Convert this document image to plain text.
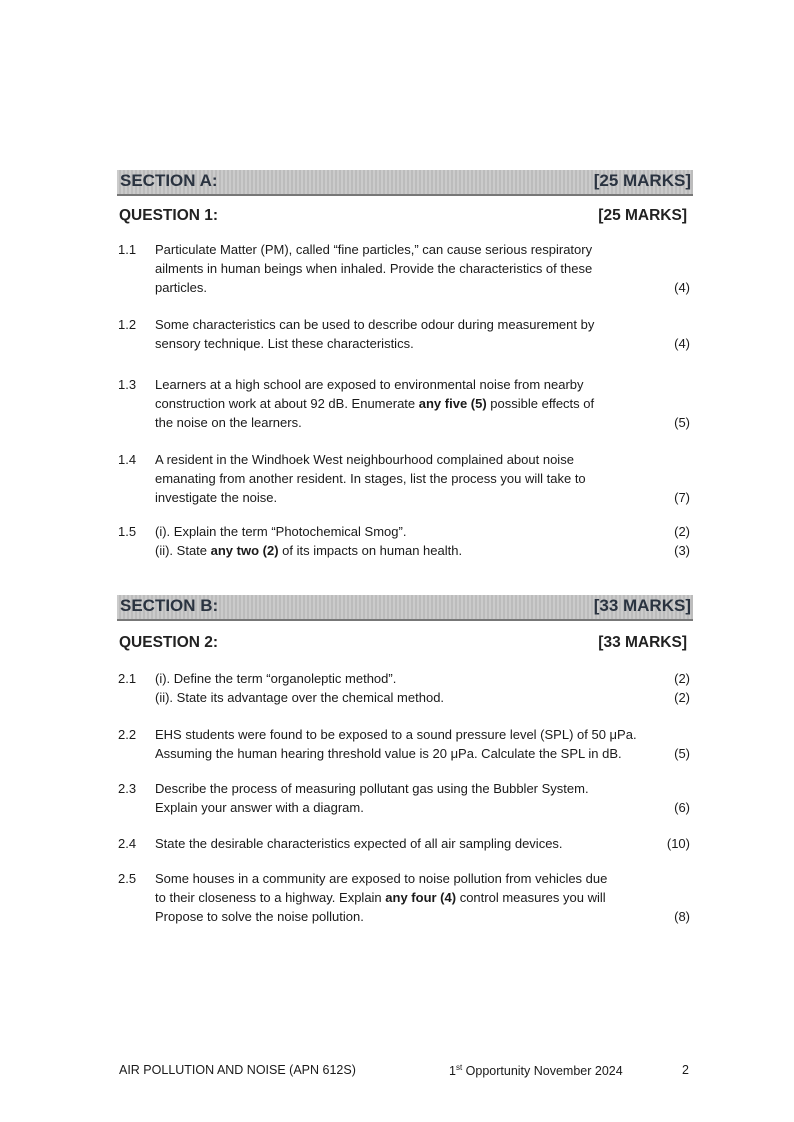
SECTION A:	[25 MARKS]
QUESTION 1:	[25 MARKS]
1.1 Particulate Matter (PM), called “fine particles,” can cause serious respiratory
ailments in human beings when inhaled. Provide the characteristics of these
particles.	(4)
1.2 Some characteristics can be used to describe odour during measurement by
sensory technique. List these characteristics.	(4)
1.3 Learners at a high school are exposed to environmental noise from nearby
construction work at about 92 dB. Enumerate any five (5) possible effects of
the noise on the learners.	(5)
1.4 A resident in the Windhoek West neighbourhood complained about noise
emanating from another resident. In stages, list the process you will take to
investigate the noise.	(7)
1.5 (i). Explain the term “Photochemical Smog”.	(2)
(ii). State any two (2) of its impacts on human health.	(3)
SECTION B:	[33 MARKS]
QUESTION 2:	[33 MARKS]
2.1 (i). Define the term “organoleptic method”.	(2)
(ii). State its advantage over the chemical method.	(2)
2.2 EHS students were found to be exposed to a sound pressure level (SPL) of 50 μPa.
Assuming the human hearing threshold value is 20 μPa. Calculate the SPL in dB.	(5)
2.3 Describe the process of measuring pollutant gas using the Bubbler System.
Explain your answer with a diagram.	(6)
2.4 State the desirable characteristics expected of all air sampling devices.	(10)
2.5 Some houses in a community are exposed to noise pollution from vehicles due
to their closeness to a highway. Explain any four (4) control measures you will
Propose to solve the noise pollution.	(8)
AIR POLLUTION AND NOISE (APN 612S)	1st Opportunity November 2024	2
